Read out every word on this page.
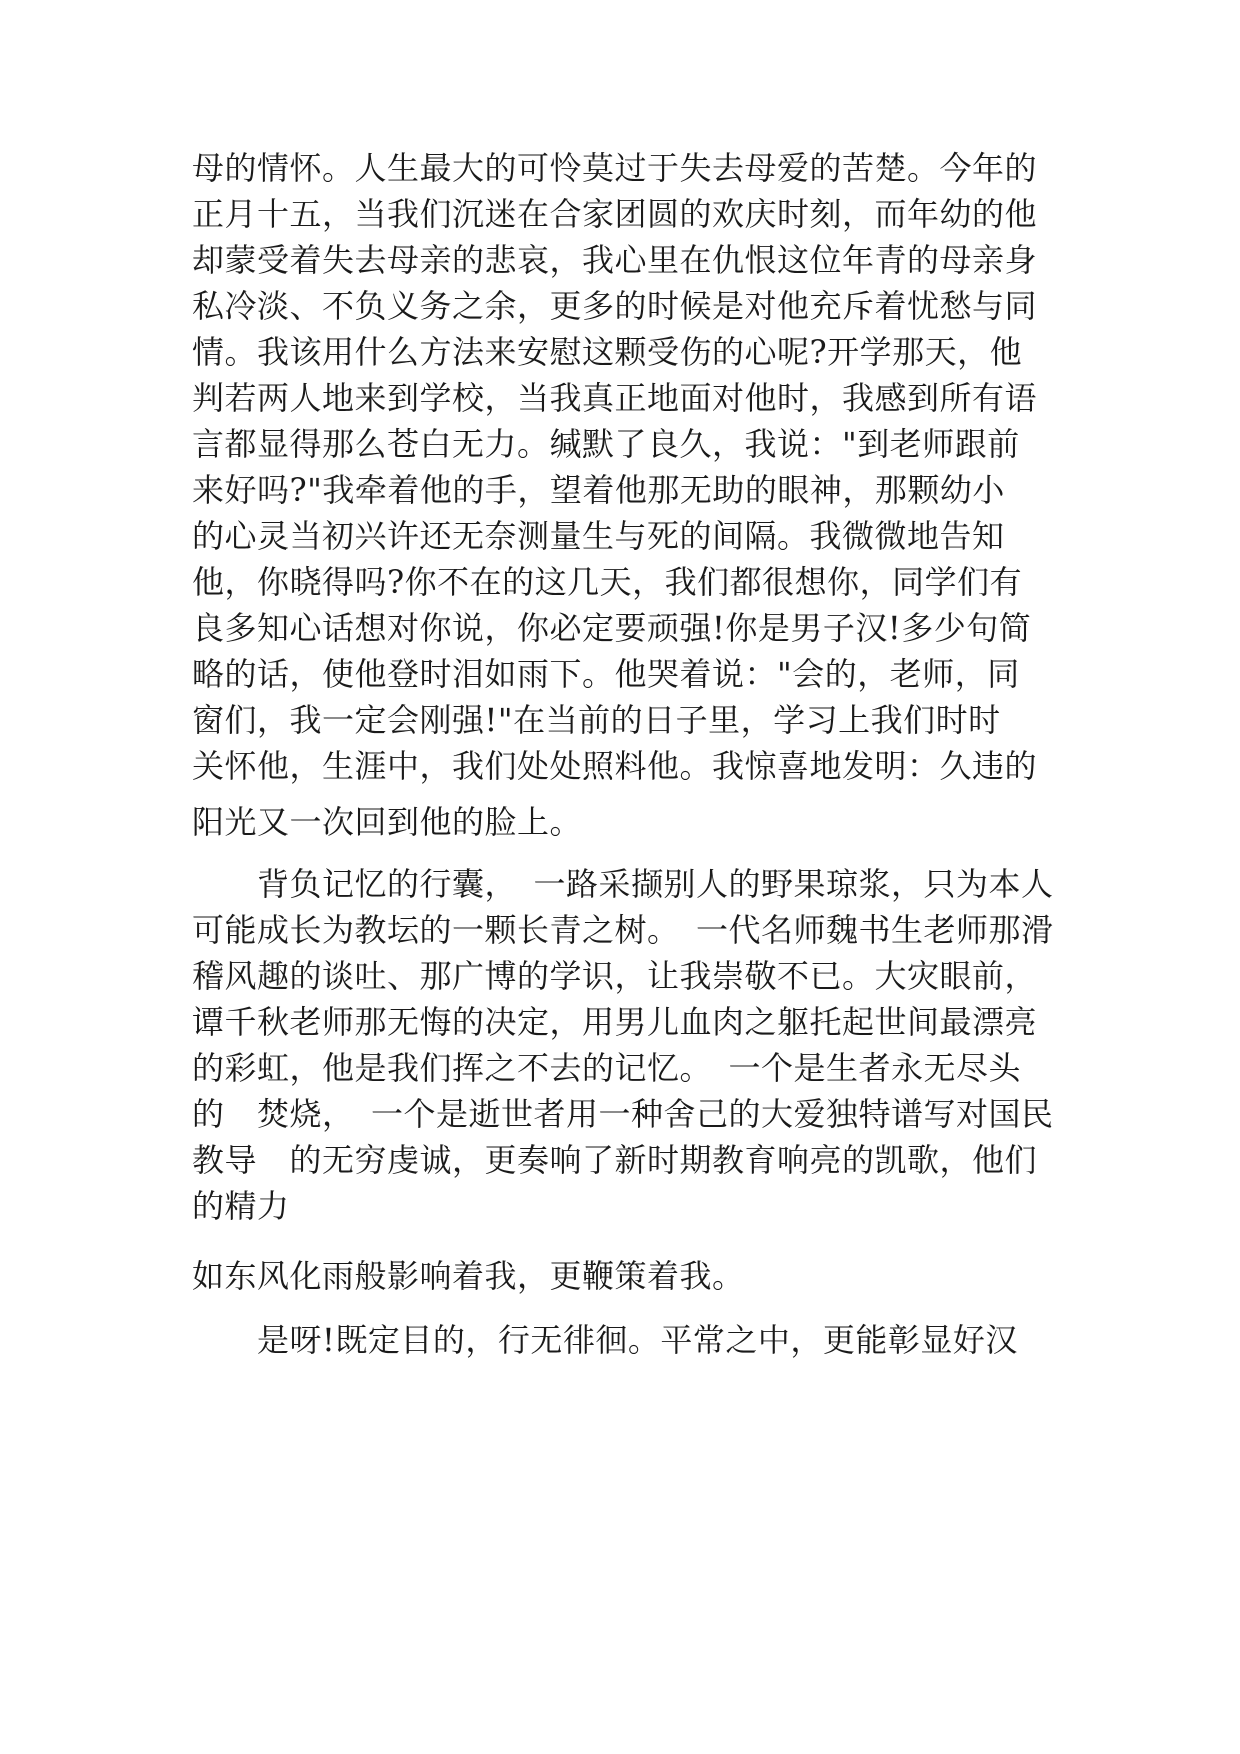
母的情怀。人生最大的可怜莫过于失去母爱的苦楚。今年的
正月十五，当我们沉迷在合家团圆的欢庆时刻，而年幼的他
却蒙受着失去母亲的悲哀，我心里在仇恨这位年青的母亲身
私冷淡、不负义务之余，更多的时候是对他充斥着忧愁与同
情。我该用什么方法来安慰这颗受伤的心呢?开学那天，他
判若两人地来到学校，当我真正地面对他时，我感到所有语
言都显得那么苍白无力。缄默了良久，我说："到老师跟前
来好吗?"我牵着他的手，望着他那无助的眼神，那颗幼小
的心灵当初兴许还无奈测量生与死的间隔。我微微地告知
他，你晓得吗?你不在的这几天，我们都很想你，同学们有
良多知心话想对你说，你必定要顽强!你是男子汉!多少句简
略的话，使他登时泪如雨下。他哭着说："会的，老师，同
窗们，我一定会刚强!"在当前的日子里，学习上我们时时
关怀他，生涯中，我们处处照料他。我惊喜地发明：久违的
阳光又一次回到他的脸上。
　　背负记忆的行囊，　一路采撷别人的野果琼浆，只为本人
可能成长为教坛的一颗长青之树。　一代名师魏书生老师那滑
稽风趣的谈吐、那广博的学识，让我崇敬不已。大灾眼前，
谭千秋老师那无悔的决定，用男儿血肉之躯托起世间最漂亮
的彩虹，他是我们挥之不去的记忆。　一个是生者永无尽头
的　焚烧，　一个是逝世者用一种舍己的大爱独特谱写对国民
教导　的无穷虔诚，更奏响了新时期教育响亮的凯歌，他们
的精力
如东风化雨般影响着我，更鞭策着我。
　　是呀!既定目的，行无徘徊。平常之中，更能彰显好汉
